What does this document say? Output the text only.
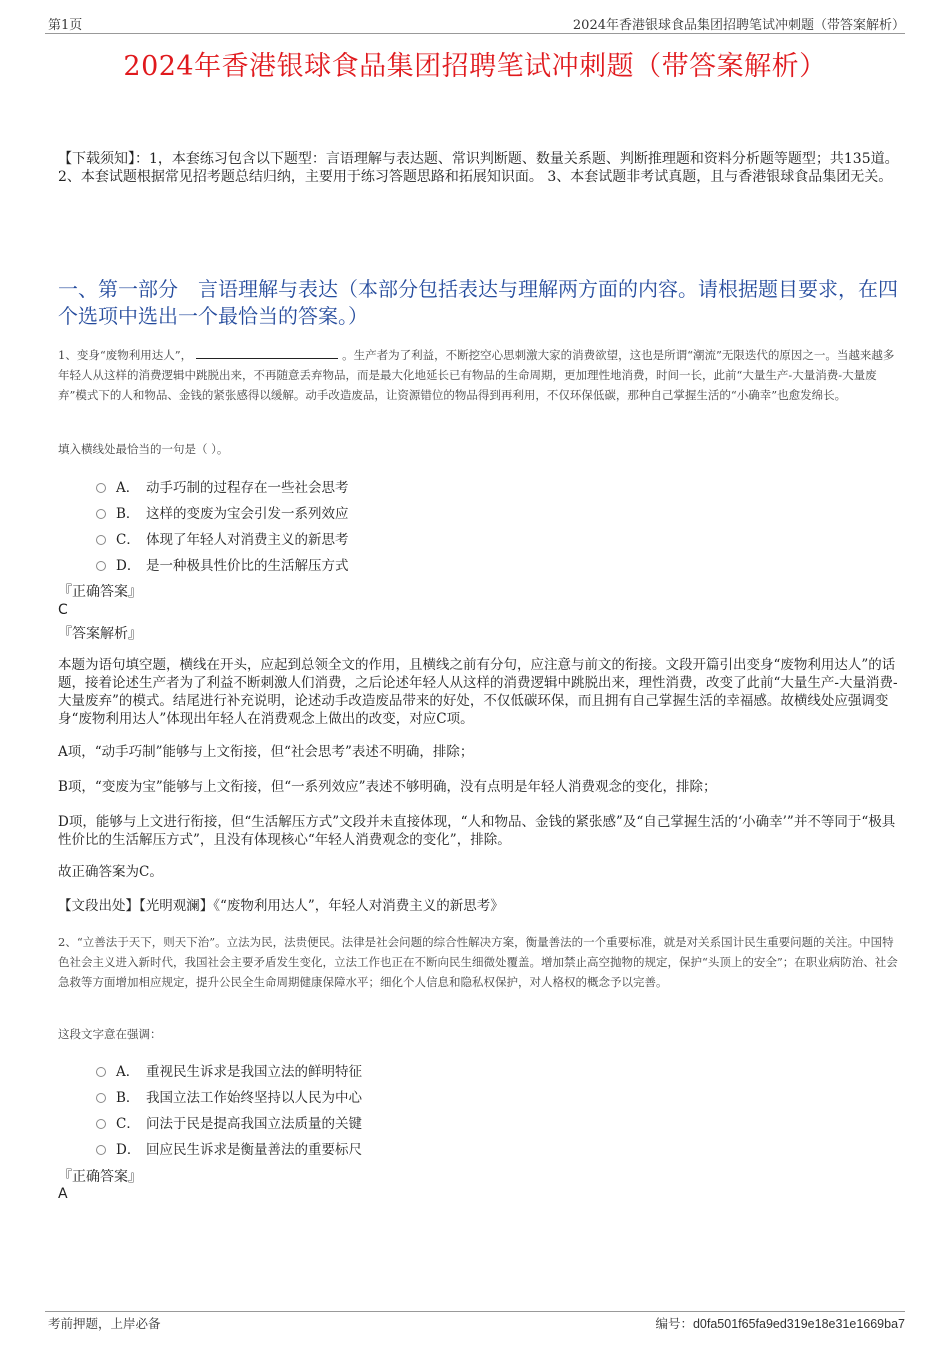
第1页	2024年香港银球食品集团招聘笔试冲刺题（带答案解析）
2024年香港银球食品集团招聘笔试冲刺题（带答案解析）
【下载须知】：1，本套练习包含以下题型：言语理解与表达题、常识判断题、数量关系题、判断推理题和资料分析题等题型；共135道。 2、本套试题根据常见招考题总结归纳，主要用于练习答题思路和拓展知识面。 3、本套试题非考试真题，且与香港银球食品集团无关。
一、第一部分　言语理解与表达（本部分包括表达与理解两方面的内容。请根据题目要求，在四个选项中选出一个最恰当的答案。）
1、变身“废物利用达人”，	。生产者为了利益，不断挖空心思刺激大家的消费欲望，这也是所谓“潮流”无限迭代的原因之一。当越来越多年轻人从这样的消费逻辑中跳脱出来，不再随意丢弃物品，而是最大化地延长已有物品的生命周期，更加理性地消费，时间一长，此前“大量生产-大量消费-大量废弃”模式下的人和物品、金钱的紧张感得以缓解。动手改造废品，让资源错位的物品得到再利用，不仅环保低碳，那种自己掌握生活的“小确幸”也愈发绵长。
填入横线处最恰当的一句是（ ）。
A． 动手巧制的过程存在一些社会思考
B． 这样的变废为宝会引发一系列效应
C． 体现了年轻人对消费主义的新思考
D． 是一种极具性价比的生活解压方式
『正确答案』
C
『答案解析』
本题为语句填空题，横线在开头，应起到总领全文的作用，且横线之前有分句，应注意与前文的衔接。文段开篇引出变身“废物利用达人”的话题，接着论述生产者为了利益不断刺激人们消费，之后论述年轻人从这样的消费逻辑中跳脱出来，理性消费，改变了此前“大量生产-大量消费-大量废弃”的模式。结尾进行补充说明，论述动手改造废品带来的好处，不仅低碳环保，而且拥有自己掌握生活的幸福感。故横线处应强调变身“废物利用达人”体现出年轻人在消费观念上做出的改变，对应C项。
A项，“动手巧制”能够与上文衔接，但“社会思考”表述不明确，排除；
B项，“变废为宝”能够与上文衔接，但“一系列效应”表述不够明确，没有点明是年轻人消费观念的变化，排除；
D项，能够与上文进行衔接，但“生活解压方式”文段并未直接体现，“人和物品、金钱的紧张感”及“自己掌握生活的‘小确幸’”并不等同于“极具性价比的生活解压方式”，且没有体现核心“年轻人消费观念的变化”，排除。
故正确答案为C。
【文段出处】【光明观澜】《“废物利用达人”，年轻人对消费主义的新思考》
2、“立善法于天下，则天下治”。立法为民，法贵便民。法律是社会问题的综合性解决方案，衡量善法的一个重要标准，就是对关系国计民生重要问题的关注。中国特色社会主义进入新时代，我国社会主要矛盾发生变化，立法工作也正在不断向民生细微处覆盖。增加禁止高空抛物的规定，保护“头顶上的安全”；在职业病防治、社会急救等方面增加相应规定，提升公民全生命周期健康保障水平；细化个人信息和隐私权保护，对人格权的概念予以完善。
这段文字意在强调：
A． 重视民生诉求是我国立法的鲜明特征
B． 我国立法工作始终坚持以人民为中心
C． 问法于民是提高我国立法质量的关键
D． 回应民生诉求是衡量善法的重要标尺
『正确答案』
A
考前押题，上岸必备	编号：d0fa501f65fa9ed319e18e31e1669ba7
